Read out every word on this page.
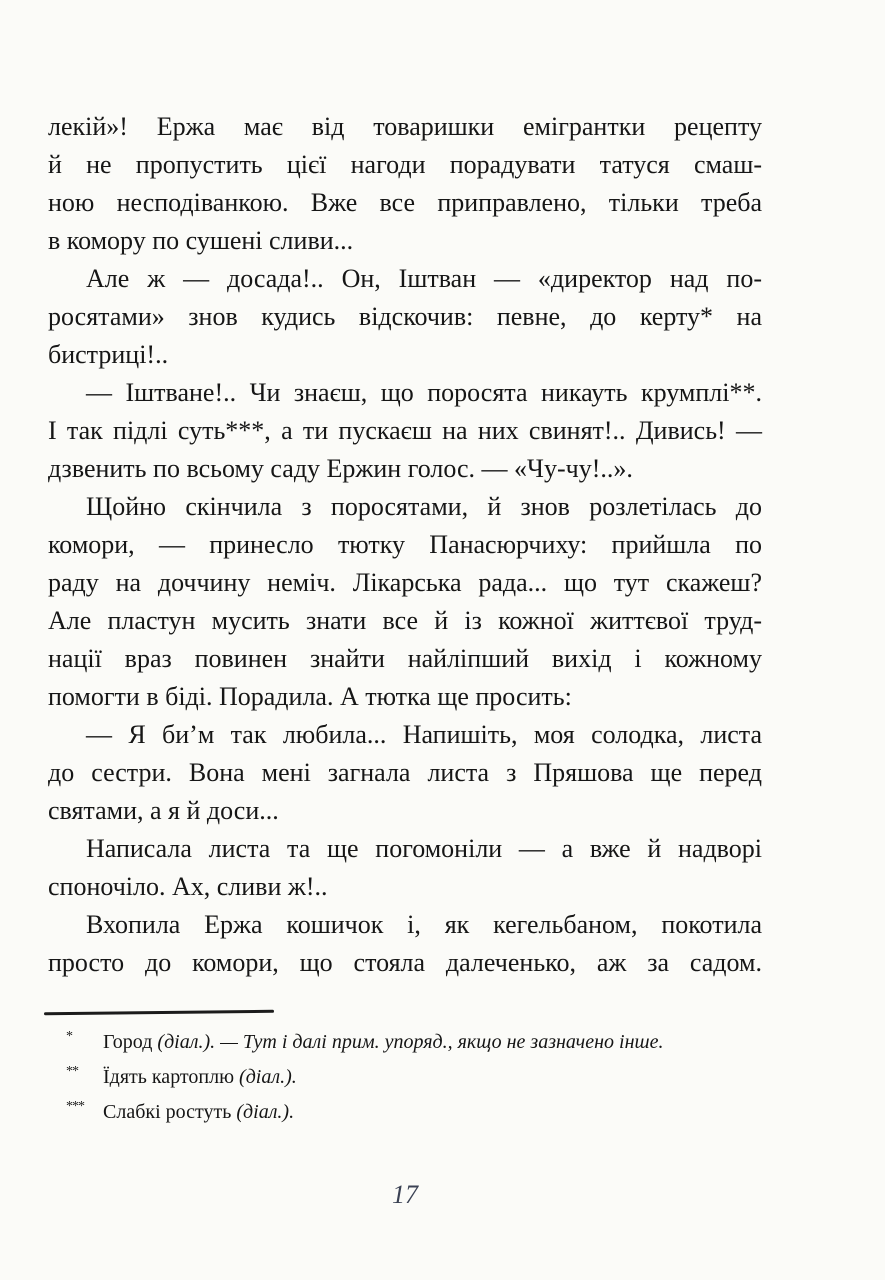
лекій»! Ержа має від товаришки емігрантки рецепту
й не пропустить цієї нагоди порадувати татуся смаш-
ною несподіванкою. Вже все приправлено, тільки треба
в комору по сушені сливи...
Але ж — досада!.. Он, Іштван — «директор над по-
росятами» знов кудись відскочив: певне, до керту* на
бистриці!..
— Іштване!.. Чи знаєш, що поросята никауть крумплі**.
І так підлі суть***, а ти пускаєш на них свинят!.. Дивись! —
дзвенить по всьому саду Ержин голос. — «Чу-чу!..».
Щойно скінчила з поросятами, й знов розлетілась до
комори, — принесло тютку Панасюрчиху: прийшла по
раду на доччину неміч. Лікарська рада... що тут скажеш?
Але пластун мусить знати все й із кожної життєвої труд-
нації враз повинен знайти найліпший вихід і кожному
помогти в біді. Порадила. А тютка ще просить:
— Я би’м так любила... Напишіть, моя солодка, листа
до сестри. Вона мені загнала листа з Пряшова ще перед
святами, а я й доси...
Написала листа та ще погомоніли — а вже й надворі
споночіло. Ах, сливи ж!..
Вхопила Ержа кошичок і, як кегельбаном, покотила
просто до комори, що стояла далеченько, аж за садом.
*	Город (діал.). — Тут і далі прим. упоряд., якщо не зазначено інше.
**	Їдять картоплю (діал.).
*** Слабкі ростуть (діал.).
17
